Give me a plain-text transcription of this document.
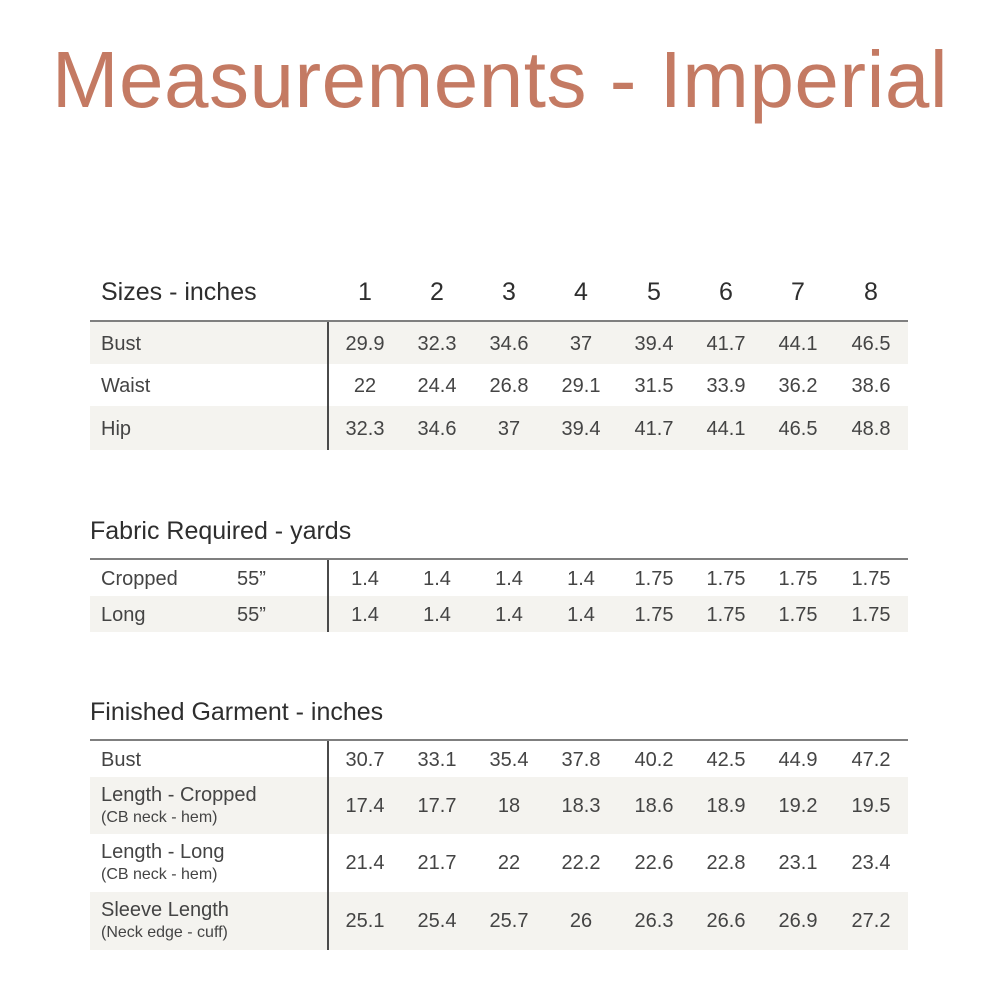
Measurements - Imperial
Sizes - inches	1	2	3	4	5	6	7	8
Bust	29.9	32.3	34.6	37	39.4	41.7	44.1	46.5
Waist	22	24.4	26.8	29.1	31.5	33.9	36.2	38.6
Hip	32.3	34.6	37	39.4	41.7	44.1	46.5	48.8
Fabric Required - yards
Cropped	55”	1.4	1.4	1.4	1.4	1.75	1.75	1.75	1.75
Long	55”	1.4	1.4	1.4	1.4	1.75	1.75	1.75	1.75
Finished Garment - inches
Bust	30.7	33.1	35.4	37.8	40.2	42.5	44.9	47.2
Length - Cropped
(CB neck - hem)
17.4	17.7	18	18.3	18.6	18.9	19.2	19.5
Length - Long
(CB neck - hem)
21.4	21.7	22	22.2	22.6	22.8	23.1	23.4
Sleeve Length
(Neck edge - cuff)
25.1	25.4	25.7	26	26.3	26.6	26.9	27.2
